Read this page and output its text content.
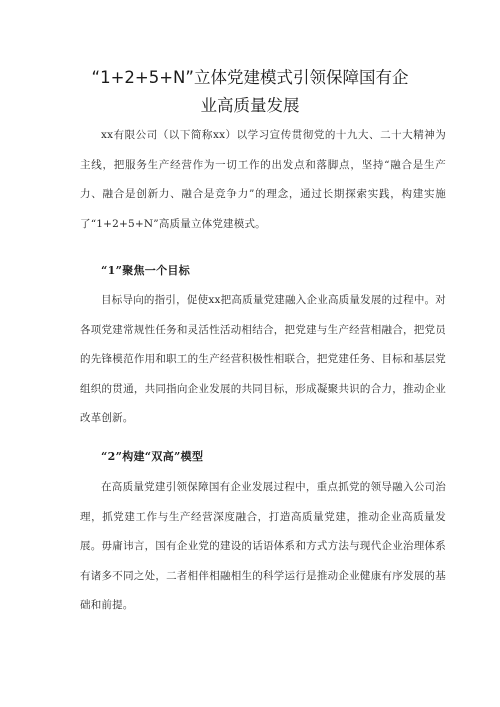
“1+2+5+N”立体党建模式引领保障国有企
业高质量发展

xx有限公司（以下简称xx）以学习宣传贯彻党的十九大、二十大精神为主线，把服务生产经营作为一切工作的出发点和落脚点，坚持“融合是生产力、融合是创新力、融合是竞争力”的理念，通过长期探索实践，构建实施了“1+2+5+N”高质量立体党建模式。

“1”聚焦一个目标

目标导向的指引，促使xx把高质量党建融入企业高质量发展的过程中。对各项党建常规性任务和灵活性活动相结合，把党建与生产经营相融合，把党员的先锋模范作用和职工的生产经营积极性相联合，把党建任务、目标和基层党组织的贯通，共同指向企业发展的共同目标，形成凝聚共识的合力，推动企业改革创新。

“2”构建“双高”模型

在高质量党建引领保障国有企业发展过程中，重点抓党的领导融入公司治理，抓党建工作与生产经营深度融合，打造高质量党建，推动企业高质量发展。毋庸讳言，国有企业党的建设的话语体系和方式方法与现代企业治理体系有诸多不同之处，二者相伴相融相生的科学运行是推动企业健康有序发展的基础和前提。
